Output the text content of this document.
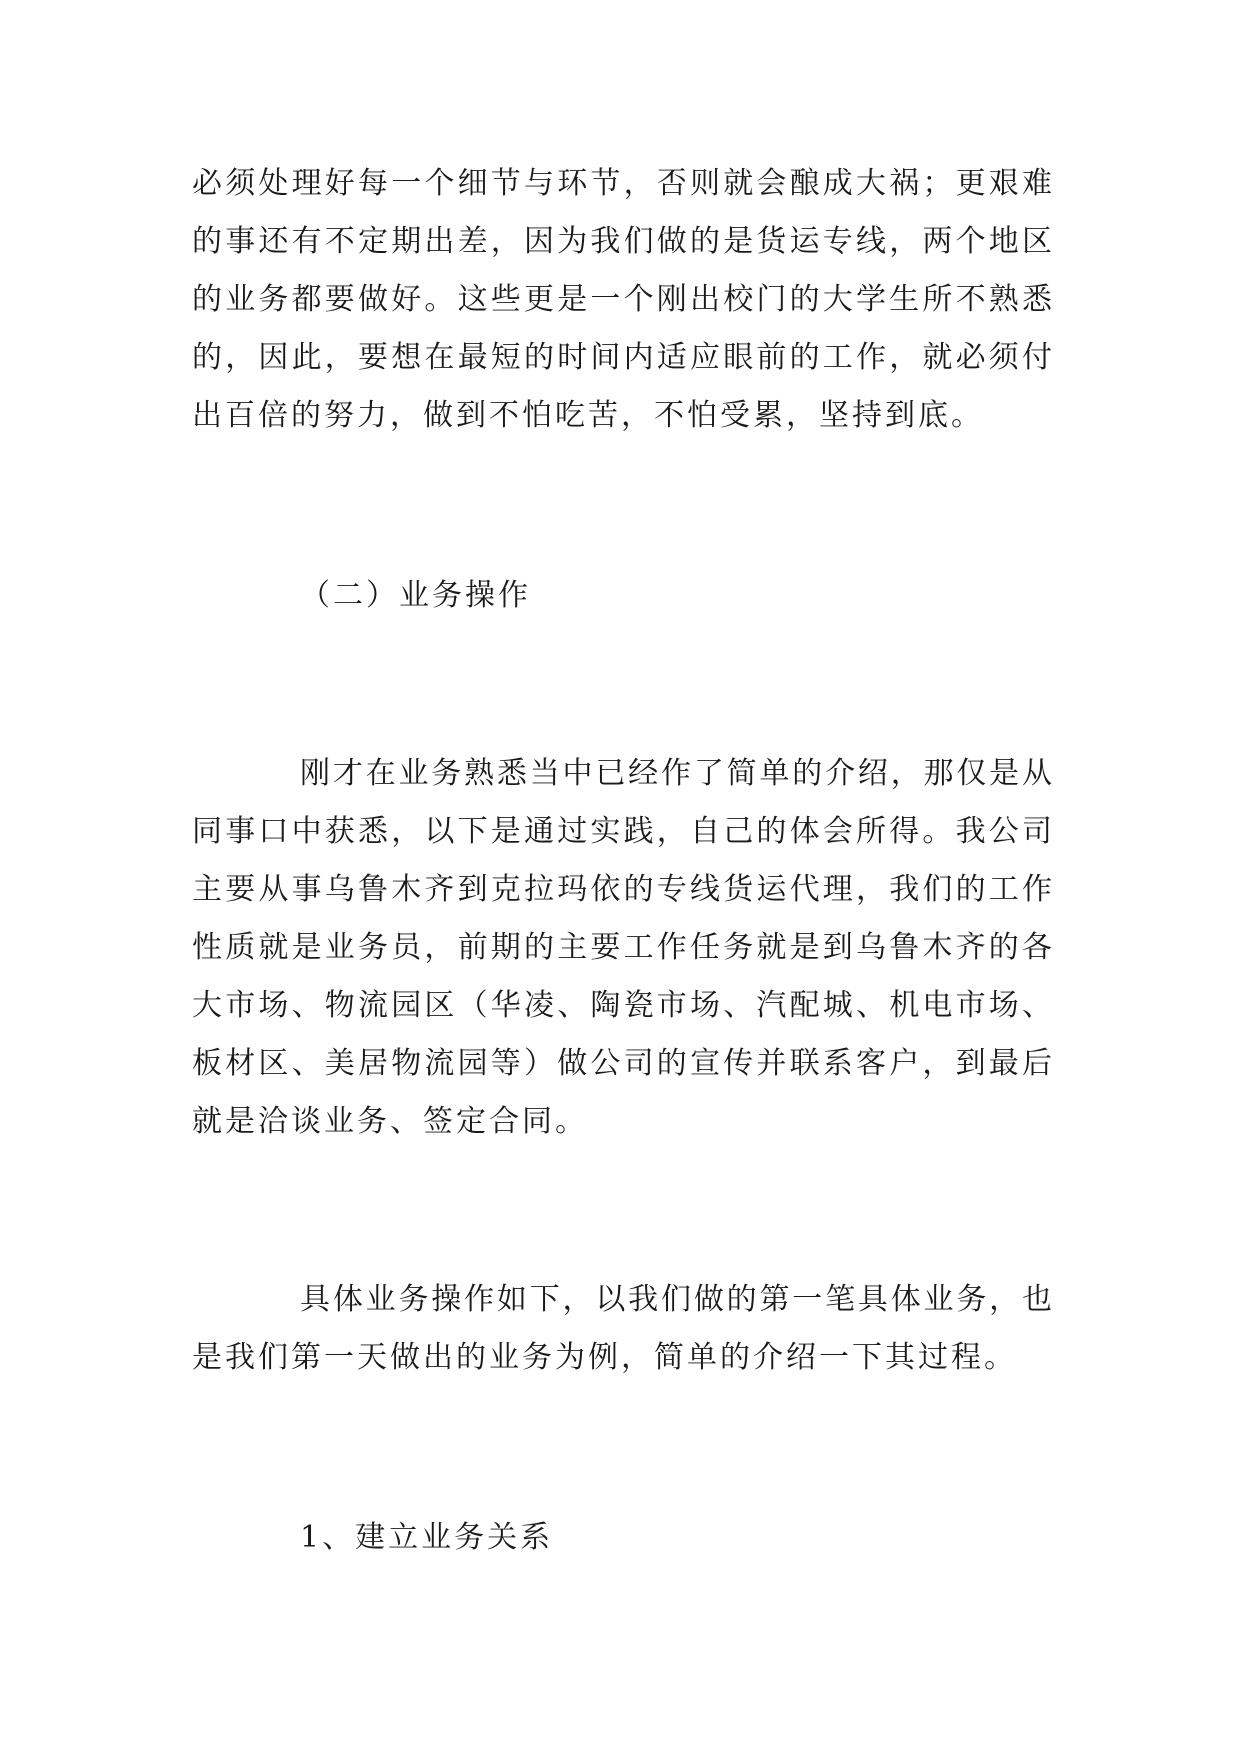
必须处理好每一个细节与环节，否则就会酿成大祸；更艰难
的事还有不定期出差，因为我们做的是货运专线，两个地区
的业务都要做好。这些更是一个刚出校门的大学生所不熟悉
的，因此，要想在最短的时间内适应眼前的工作，就必须付
出百倍的努力，做到不怕吃苦，不怕受累，坚持到底。
（二）业务操作
刚才在业务熟悉当中已经作了简单的介绍，那仅是从
同事口中获悉，以下是通过实践，自己的体会所得。我公司
主要从事乌鲁木齐到克拉玛依的专线货运代理，我们的工作
性质就是业务员，前期的主要工作任务就是到乌鲁木齐的各
大市场、物流园区（华凌、陶瓷市场、汽配城、机电市场、
板材区、美居物流园等）做公司的宣传并联系客户，到最后
就是洽谈业务、签定合同。
具体业务操作如下，以我们做的第一笔具体业务，也
是我们第一天做出的业务为例，简单的介绍一下其过程。
1、建立业务关系
